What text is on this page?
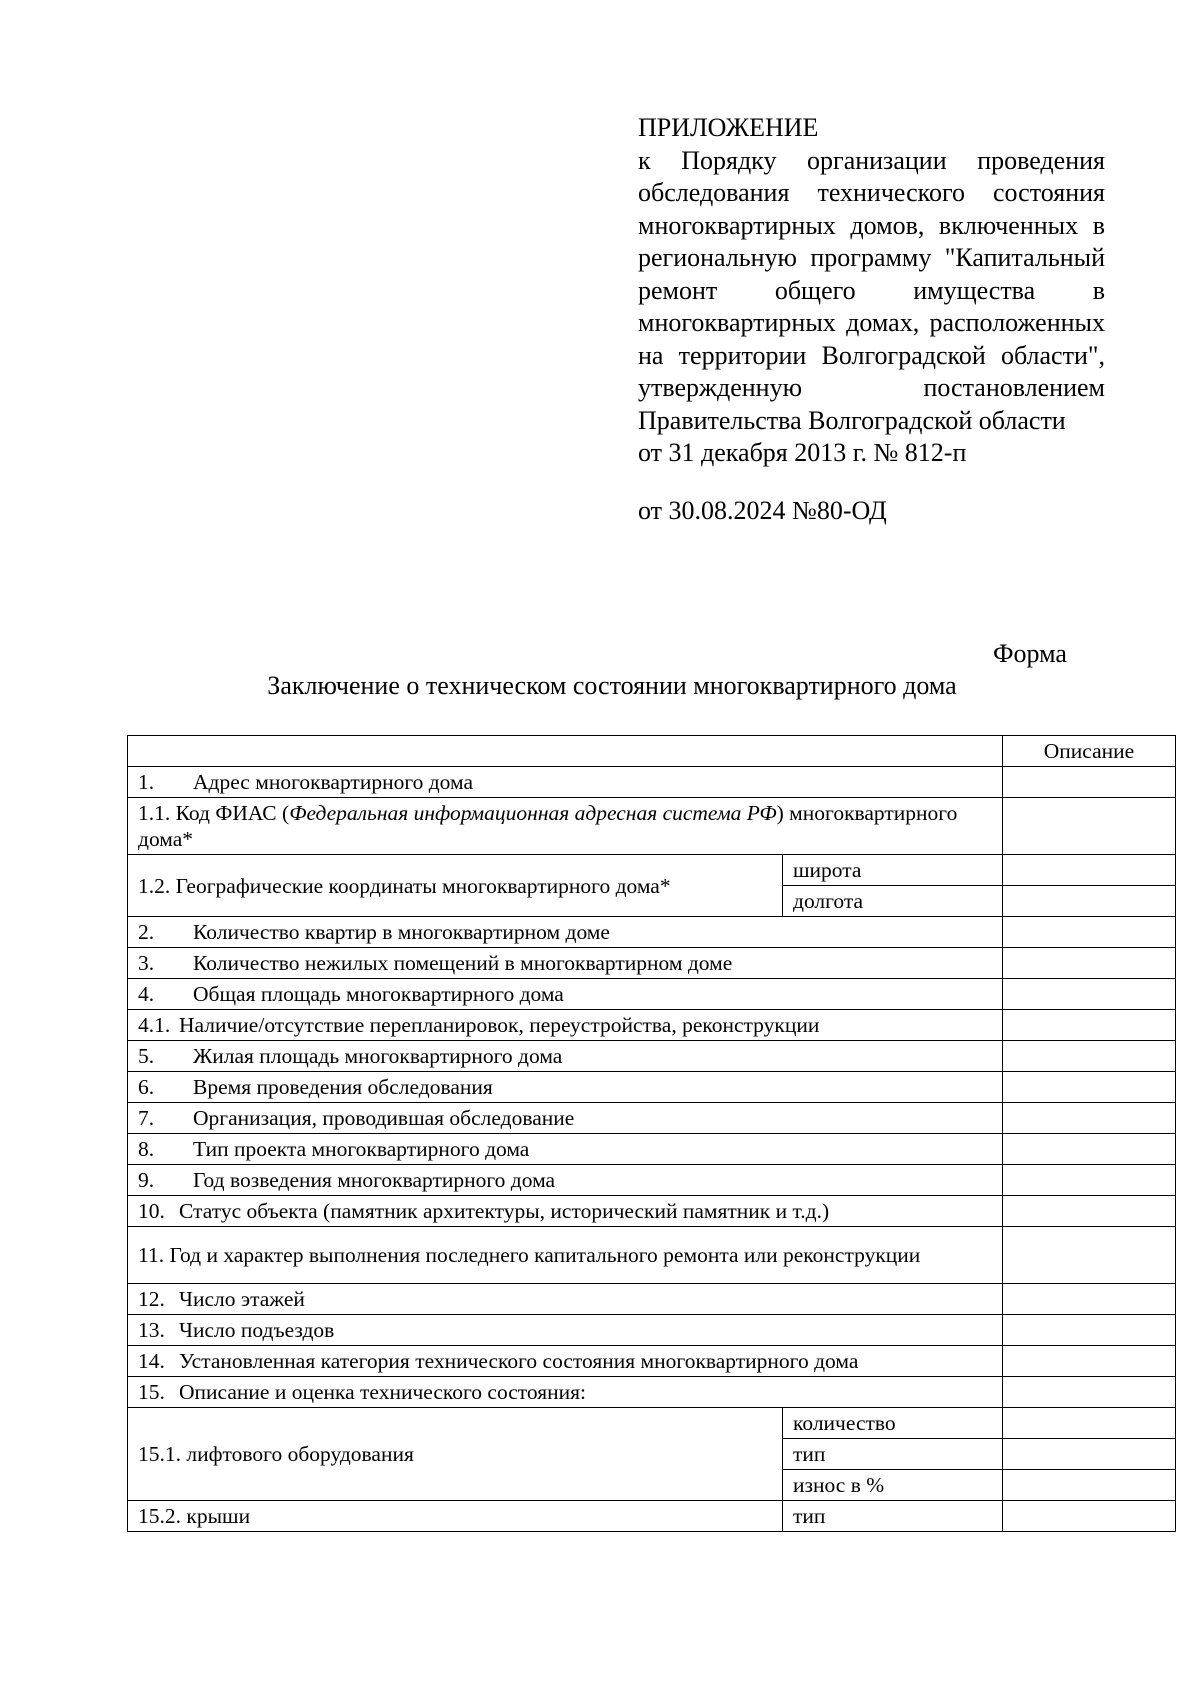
ПРИЛОЖЕНИЕ

к Порядку организации проведения обследования технического состояния многоквартирных домов, включенных в региональную программу "Капитальный ремонт общего имущества в многоквартирных домах, расположенных на территории Волгоградской области", утвержденную постановлением Правительства Волгоградской области

от 31 декабря 2013 г. № 812-п

от 30.08.2024 №80-ОД

Форма
Заключение о техническом состоянии многоквартирного дома
		Описание
1. Адрес многоквартирного дома		
1.1. Код ФИАС (Федеральная информационная адресная система РФ) многоквартирного дома*		
1.2. Географические координаты многоквартирного дома*	широта	
	долгота	
2. Количество квартир в многоквартирном доме		
3. Количество нежилых помещений в многоквартирном доме		
4. Общая площадь многоквартирного дома		
4.1. Наличие/отсутствие перепланировок, переустройства, реконструкции		
5. Жилая площадь многоквартирного дома		
6. Время проведения обследования		
7. Организация, проводившая обследование		
8. Тип проекта многоквартирного дома		
9. Год возведения многоквартирного дома		
10. Статус объекта (памятник архитектуры, исторический памятник и т.д.)		
11. Год и характер выполнения последнего капитального ремонта или реконструкции		
12. Число этажей		
13. Число подъездов		
14. Установленная категория технического состояния многоквартирного дома		
15. Описание и оценка технического состояния:		
15.1. лифтового оборудования	количество	
	тип	
	износ в %	
15.2. крыши	тип	
